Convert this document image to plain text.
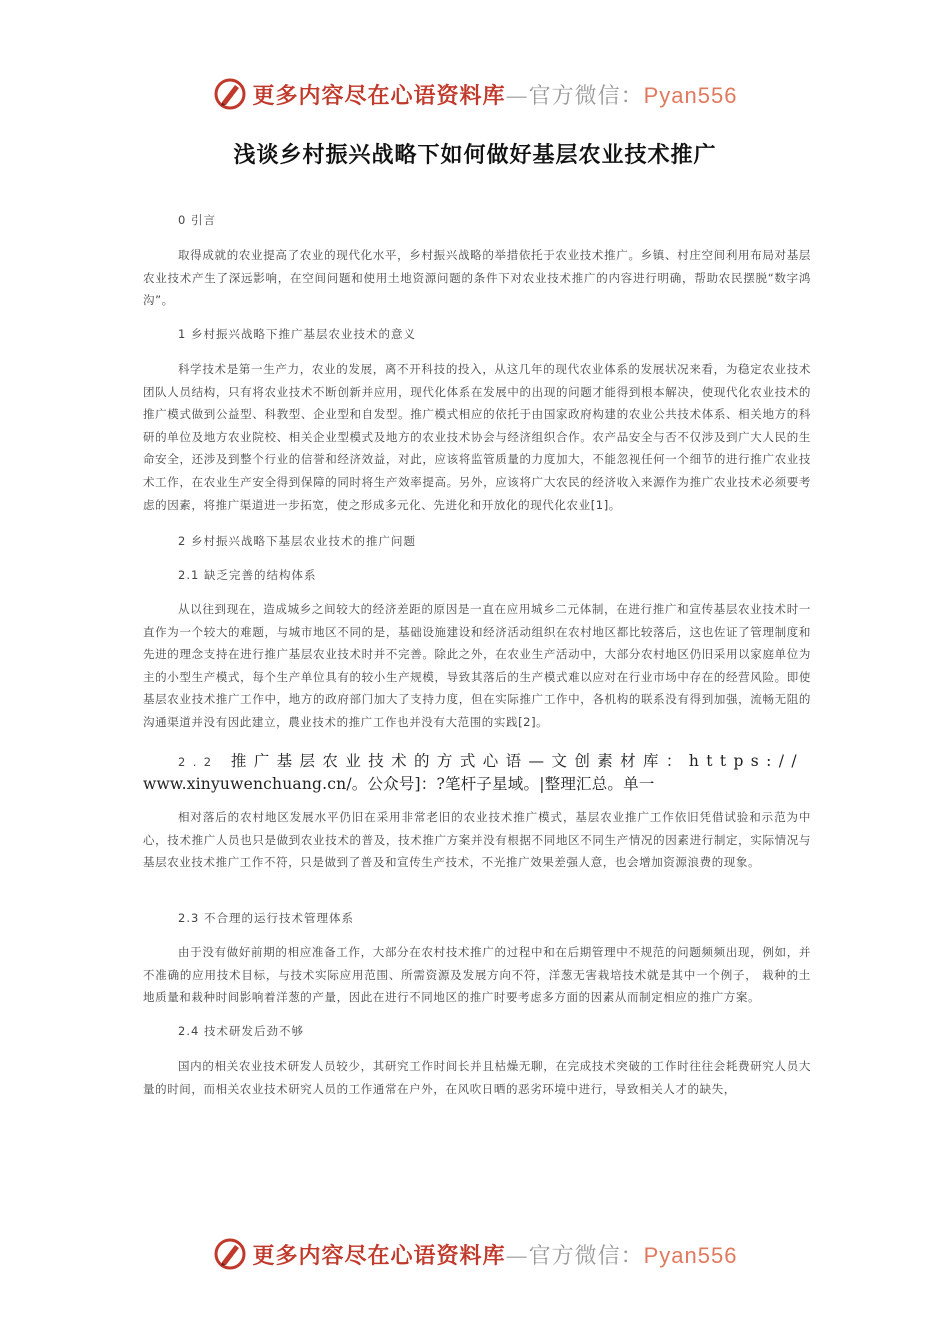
更多内容尽在心语资料库—官方微信：Pyan556
浅谈乡村振兴战略下如何做好基层农业技术推广
0 引言
取得成就的农业提高了农业的现代化水平，乡村振兴战略的举措依托于农业技术推广。乡镇、村庄空间利用布局对基层农业技术产生了深远影响，在空间问题和使用土地资源问题的条件下对农业技术推广的内容进行明确，帮助农民摆脱“数字鸿沟”。
1 乡村振兴战略下推广基层农业技术的意义
科学技术是第一生产力，农业的发展，离不开科技的投入，从这几年的现代农业体系的发展状况来看，为稳定农业技术团队人员结构，只有将农业技术不断创新并应用，现代化体系在发展中的出现的问题才能得到根本解决，使现代化农业技术的推广模式做到公益型、科教型、企业型和自发型。推广模式相应的依托于由国家政府构建的农业公共技术体系、相关地方的科研的单位及地方农业院校、相关企业型模式及地方的农业技术协会与经济组织合作。农产品安全与否不仅涉及到广大人民的生命安全，还涉及到整个行业的信誉和经济效益，对此，应该将监管质量的力度加大，不能忽视任何一个细节的进行推广农业技术工作，在农业生产安全得到保障的同时将生产效率提高。另外，应该将广大农民的经济收入来源作为推广农业技术必须要考虑的因素，将推广渠道进一步拓宽，使之形成多元化、先进化和开放化的现代化农业[1]。
2 乡村振兴战略下基层农业技术的推广问题
2.1 缺乏完善的结构体系
从以往到现在，造成城乡之间较大的经济差距的原因是一直在应用城乡二元体制，在进行推广和宣传基层农业技术时一直作为一个较大的难题，与城市地区不同的是，基础设施建设和经济活动组织在农村地区都比较落后，这也佐证了管理制度和先进的理念支持在进行推广基层农业技术时并不完善。除此之外，在农业生产活动中，大部分农村地区仍旧采用以家庭单位为主的小型生产模式，每个生产单位具有的较小生产规模，导致其落后的生产模式难以应对在行业市场中存在的经营风险。即使基层农业技术推广工作中，地方的政府部门加大了支持力度，但在实际推广工作中，各机构的联系没有得到加强，流畅无阻的沟通渠道并没有因此建立，農业技术的推广工作也并没有大范围的实践[2]。
2.2 推广基层农业技术的方式心语—文创素材库：https://
www.xinyuwenchuang.cn/。公众号]：?笔杆子星域。|整理汇总。单一
相对落后的农村地区发展水平仍旧在采用非常老旧的农业技术推广模式，基层农业推广工作依旧凭借试验和示范为中心，技术推广人员也只是做到农业技术的普及，技术推广方案并没有根据不同地区不同生产情况的因素进行制定，实际情况与基层农业技术推广工作不符，只是做到了普及和宣传生产技术，不光推广效果差强人意，也会增加资源浪费的现象。
2.3 不合理的运行技术管理体系
由于没有做好前期的相应准备工作，大部分在农村技术推广的过程中和在后期管理中不规范的问题频频出现，例如，并不准确的应用技术目标，与技术实际应用范围、所需资源及发展方向不符，洋葱无害栽培技术就是其中一个例子， 栽种的土地质量和栽种时间影响着洋葱的产量，因此在进行不同地区的推广时要考虑多方面的因素从而制定相应的推广方案。
2.4 技术研发后劲不够
国内的相关农业技术研发人员较少，其研究工作时间长并且枯燥无聊，在完成技术突破的工作时往往会耗费研究人员大量的时间，而相关农业技术研究人员的工作通常在户外，在风吹日晒的恶劣环境中进行，导致相关人才的缺失，
更多内容尽在心语资料库—官方微信：Pyan556
